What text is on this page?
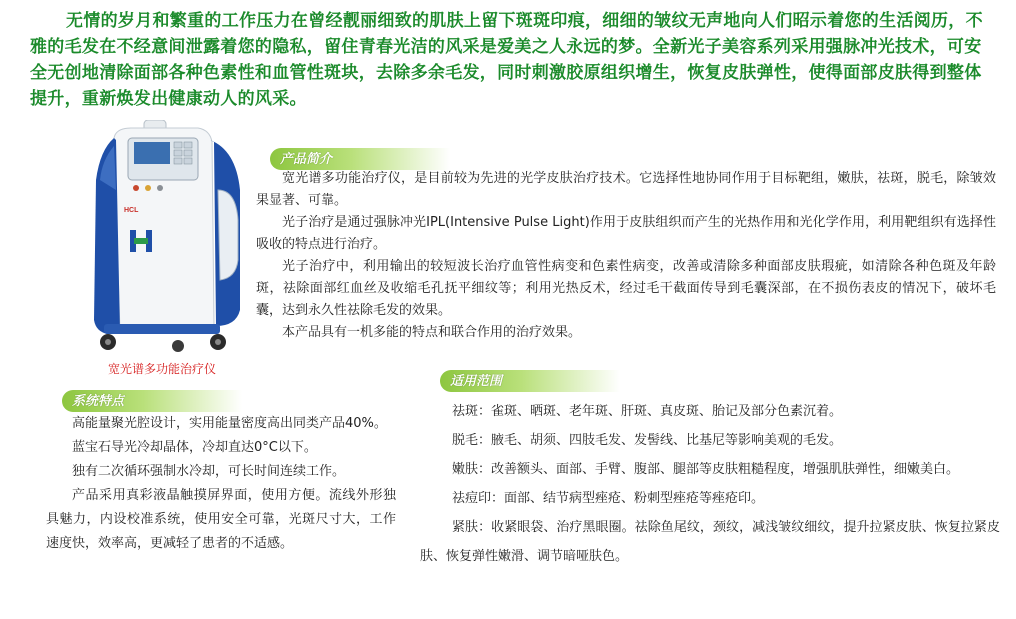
无情的岁月和繁重的工作压力在曾经靓丽细致的肌肤上留下斑斑印痕，细细的皱纹无声地向人们昭示着您的生活阅历，不雅的毛发在不经意间泄露着您的隐私，留住青春光洁的风采是爱美之人永远的梦。全新光子美容系列采用强脉冲光技术，可安全无创地清除面部各种色素性和血管性斑块，去除多余毛发，同时刺激胶原组织增生，恢复皮肤弹性，使得面部皮肤得到整体提升，重新焕发出健康动人的风采。
HCL
宽光谱多功能治疗仪
产品简介

宽光谱多功能治疗仪，是目前较为先进的光学皮肤治疗技术。它选择性地协同作用于目标靶组，嫩肤，祛斑，脱毛，除皱效果显著、可靠。

光子治疗是通过强脉冲光IPL(Intensive Pulse Light)作用于皮肤组织而产生的光热作用和光化学作用，利用靶组织有选择性吸收的特点进行治疗。

光子治疗中，利用输出的较短波长治疗血管性病变和色素性病变，改善或清除多种面部皮肤瑕疵，如清除各种色斑及年龄斑，祛除面部红血丝及收缩毛孔抚平细纹等；利用光热反术，经过毛干截面传导到毛囊深部，在不损伤表皮的情况下，破坏毛囊，达到永久性祛除毛发的效果。

本产品具有一机多能的特点和联合作用的治疗效果。

系统特点

高能量聚光腔设计，实用能量密度高出同类产品40%。

蓝宝石导光冷却晶体，冷却直达0°C以下。

独有二次循环强制水冷却，可长时间连续工作。

产品采用真彩液晶触摸屏界面，使用方便。流线外形独具魅力，内设校准系统，使用安全可靠，光斑尺寸大，工作速度快，效率高，更减轻了患者的不适感。

适用范围

祛斑：雀斑、晒斑、老年斑、肝斑、真皮斑、胎记及部分色素沉着。

脱毛：腋毛、胡须、四肢毛发、发髻线、比基尼等影响美观的毛发。

嫩肤：改善额头、面部、手臂、腹部、腿部等皮肤粗糙程度，增强肌肤弹性，细嫩美白。

祛痘印：面部、结节病型痤疮、粉刺型痤疮等痤疮印。

紧肤：收紧眼袋、治疗黑眼圈。祛除鱼尾纹，颈纹，减浅皱纹细纹，提升拉紧皮肤、恢复拉紧皮肤、恢复弹性嫩滑、调节暗哑肤色。
